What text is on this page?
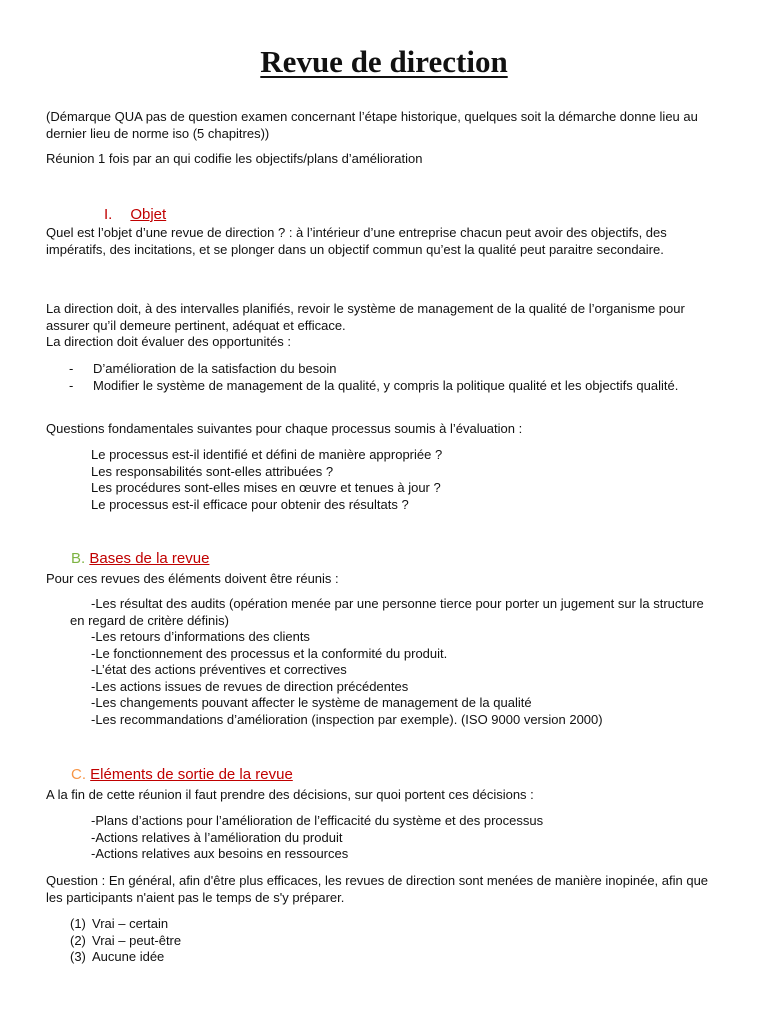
Revue de direction

(Démarque QUA pas de question examen concernant l’étape historique, quelques soit la démarche donne lieu au dernier lieu de norme iso (5 chapitres))

Réunion 1 fois par an qui codifie les objectifs/plans d’amélioration

I. Objet

Quel est l’objet d’une revue de direction ? : à l’intérieur d’une entreprise chacun peut avoir des objectifs, des impératifs, des incitations, et se plonger dans un objectif commun qu’est la qualité peut paraitre secondaire.

La direction doit, à des intervalles planifiés, revoir le système de management de la qualité de l’organisme pour assurer qu’il demeure pertinent, adéquat et efficace.

La direction doit évaluer des opportunités :

-	D’amélioration de la satisfaction du besoin
-	Modifier le système de management de la qualité, y compris la politique qualité et les objectifs qualité.

Questions fondamentales suivantes pour chaque processus soumis à l’évaluation :

Le processus est-il identifié et défini de manière appropriée ?
Les responsabilités sont-elles attribuées ?
Les procédures sont-elles mises en œuvre et tenues à jour ?
Le processus est-il efficace pour obtenir des résultats ?
B. Bases de la revue

Pour ces revues des éléments doivent être réunis :

-Les résultat des audits (opération menée par une personne tierce pour porter un jugement sur la structure en regard de critère définis)
-Les retours d’informations des clients
-Le fonctionnement des processus et la conformité du produit.
-L’état des actions préventives et correctives
-Les actions issues de revues de direction précédentes
-Les changements pouvant affecter le système de management de la qualité
-Les recommandations d’amélioration (inspection par exemple). (ISO 9000 version 2000)
C. Eléments de sortie de la revue

A la fin de cette réunion il faut prendre des décisions, sur quoi portent ces décisions :

-Plans d’actions pour l’amélioration de l’efficacité du système et des processus
-Actions relatives à l’amélioration du produit
-Actions relatives aux besoins en ressources

Question : En général, afin d'être plus efficaces, les revues de direction sont menées de manière inopinée, afin que les participants n'aient pas le temps de s'y préparer.

(1) Vrai – certain
(2) Vrai – peut-être
(3) Aucune idée
